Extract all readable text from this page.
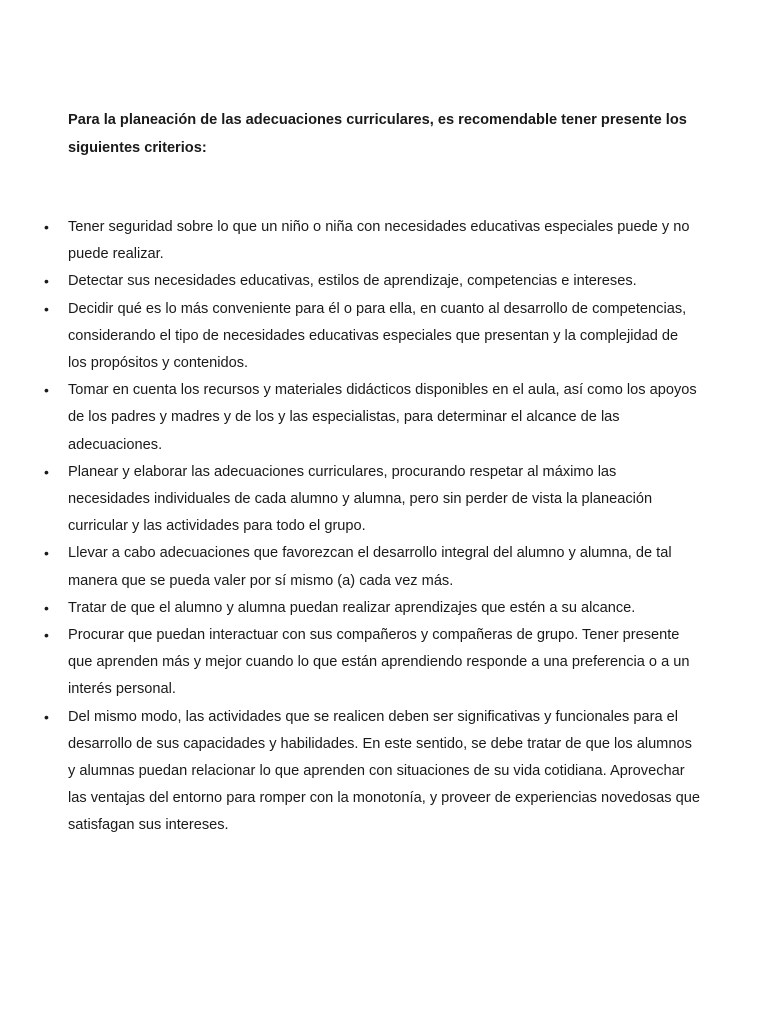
Para la planeación de las adecuaciones curriculares, es recomendable tener presente los siguientes criterios:

• Tener seguridad sobre lo que un niño o niña con necesidades educativas especiales puede y no puede realizar.
• Detectar sus necesidades educativas, estilos de aprendizaje, competencias e intereses.
• Decidir qué es lo más conveniente para él o para ella, en cuanto al desarrollo de competencias, considerando el tipo de necesidades educativas especiales que presentan y la complejidad de los propósitos y contenidos.
• Tomar en cuenta los recursos y materiales didácticos disponibles en el aula, así como los apoyos de los padres y madres y de los y las especialistas, para determinar el alcance de las adecuaciones.
• Planear y elaborar las adecuaciones curriculares, procurando respetar al máximo las necesidades individuales de cada alumno y alumna, pero sin perder de vista la planeación curricular y las actividades para todo el grupo.
• Llevar a cabo adecuaciones que favorezcan el desarrollo integral del alumno y alumna, de tal manera que se pueda valer por sí mismo (a) cada vez más.
• Tratar de que el alumno y alumna puedan realizar aprendizajes que estén a su alcance.
• Procurar que puedan interactuar con sus compañeros y compañeras de grupo. Tener presente que aprenden más y mejor cuando lo que están aprendiendo responde a una preferencia o a un interés personal.
• Del mismo modo, las actividades que se realicen deben ser significativas y funcionales para el desarrollo de sus capacidades y habilidades. En este sentido, se debe tratar de que los alumnos y alumnas puedan relacionar lo que aprenden con situaciones de su vida cotidiana. Aprovechar las ventajas del entorno para romper con la monotonía, y proveer de experiencias novedosas que satisfagan sus intereses.
